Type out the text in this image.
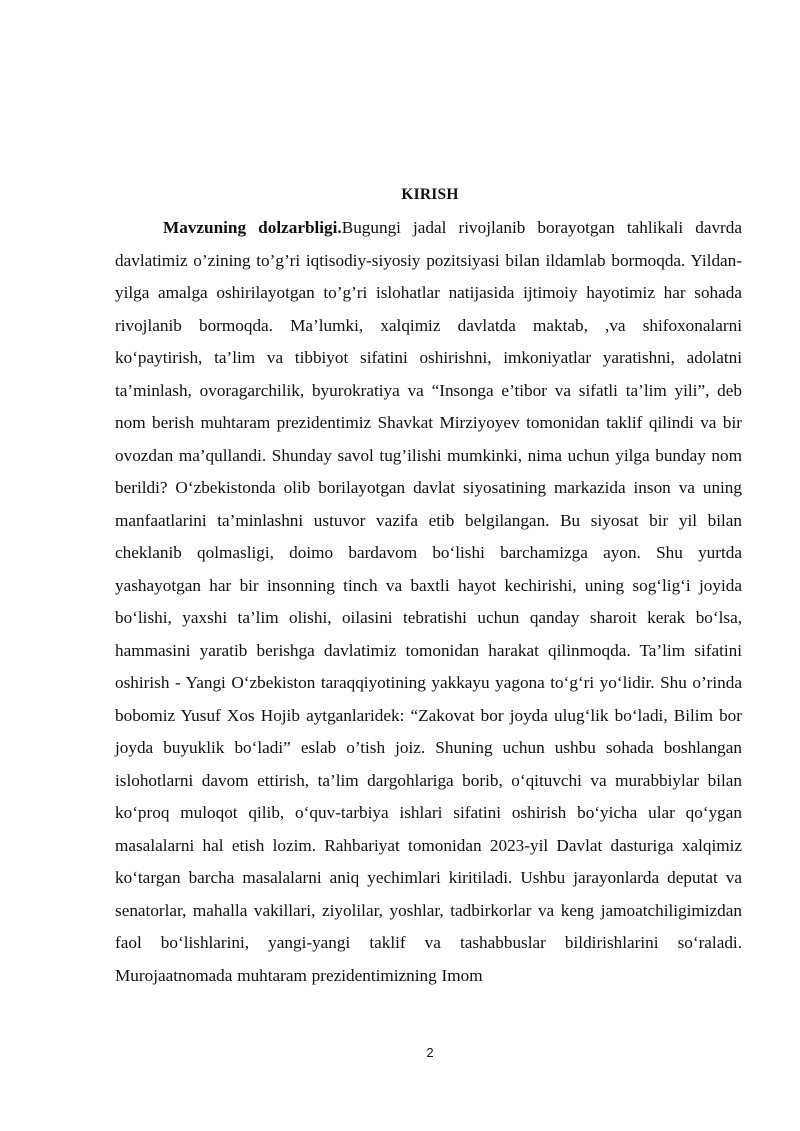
KIRISH

Mavzuning dolzarbligi.Bugungi jadal rivojlanib borayotgan tahlikali davrda davlatimiz o’zining to’g’ri iqtisodiy-siyosiy pozitsiyasi bilan ildamlab bormoqda. Yildan-yilga amalga oshirilayotgan to’g’ri islohatlar natijasida ijtimoiy hayotimiz har sohada rivojlanib bormoqda. Ma’lumki, xalqimiz davlatda maktab, ,va shifoxonalarni koʻpaytirish, ta’lim va tibbiyot sifatini oshirishni, imkoniyatlar yaratishni, adolatni ta’minlash, ovoragarchilik, byurokratiya va “Insonga e’tibor va sifatli ta’lim yili”, deb nom berish muhtaram prezidentimiz Shavkat Mirziyoyev tomonidan taklif qilindi va bir ovozdan ma’qullandi. Shunday savol tug’ilishi mumkinki, nima uchun yilga bunday nom berildi? Oʻzbekistonda olib borilayotgan davlat siyosatining markazida inson va uning manfaatlarini ta’minlashni ustuvor vazifa etib belgilangan. Bu siyosat bir yil bilan cheklanib qolmasligi, doimo bardavom boʻlishi barchamizga ayon. Shu yurtda yashayotgan har bir insonning tinch va baxtli hayot kechirishi, uning sogʻligʻi joyida boʻlishi, yaxshi ta’lim olishi, oilasini tebratishi uchun qanday sharoit kerak boʻlsa, hammasini yaratib berishga davlatimiz tomonidan harakat qilinmoqda. Ta’lim sifatini oshirish - Yangi Oʻzbekiston taraqqiyotining yakkayu yagona toʻgʻri yoʻlidir. Shu o’rinda bobomiz Yusuf Xos Hojib aytganlaridek: “Zakovat bor joyda ulugʻlik boʻladi, Bilim bor joyda buyuklik boʻladi” eslab o’tish joiz. Shuning uchun ushbu sohada boshlangan islohotlarni davom ettirish, ta’lim dargohlariga borib, oʻqituvchi va murabbiylar bilan koʻproq muloqot qilib, oʻquv-tarbiya ishlari sifatini oshirish boʻyicha ular qoʻygan masalalarni hal etish lozim. Rahbariyat tomonidan 2023-yil Davlat dasturiga xalqimiz koʻtargan barcha masalalarni aniq yechimlari kiritiladi. Ushbu jarayonlarda deputat va senatorlar, mahalla vakillari, ziyolilar, yoshlar, tadbirkorlar va keng jamoatchiligimizdan faol boʻlishlarini, yangi-yangi taklif va tashabbuslar bildirishlarini soʻraladi. Murojaatnomada muhtaram prezidentimizning Imom

2
